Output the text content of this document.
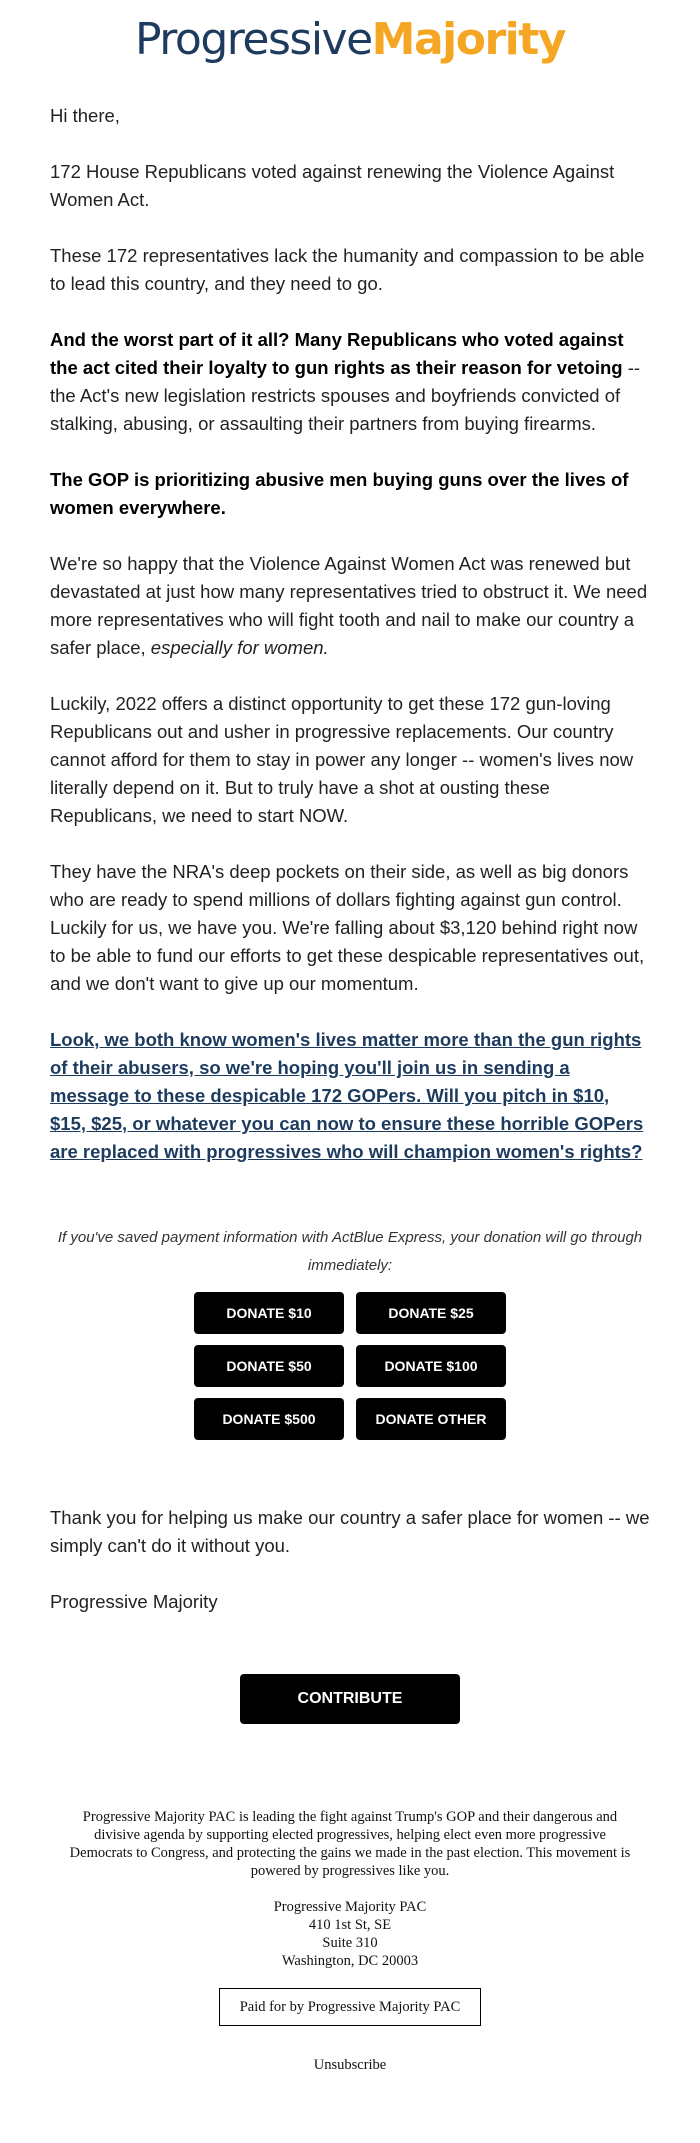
ProgressiveMajority

Hi there,

172 House Republicans voted against renewing the Violence Against Women Act.

These 172 representatives lack the humanity and compassion to be able to lead this country, and they need to go.

And the worst part of it all? Many Republicans who voted against the act cited their loyalty to gun rights as their reason for vetoing -- the Act's new legislation restricts spouses and boyfriends convicted of stalking, abusing, or assaulting their partners from buying firearms.

The GOP is prioritizing abusive men buying guns over the lives of women everywhere.

We're so happy that the Violence Against Women Act was renewed but devastated at just how many representatives tried to obstruct it. We need more representatives who will fight tooth and nail to make our country a safer place, especially for women.

Luckily, 2022 offers a distinct opportunity to get these 172 gun-loving Republicans out and usher in progressive replacements. Our country cannot afford for them to stay in power any longer -- women's lives now literally depend on it. But to truly have a shot at ousting these Republicans, we need to start NOW.

They have the NRA's deep pockets on their side, as well as big donors who are ready to spend millions of dollars fighting against gun control. Luckily for us, we have you. We're falling about $3,120 behind right now to be able to fund our efforts to get these despicable representatives out, and we don't want to give up our momentum.

Look, we both know women's lives matter more than the gun rights of their abusers, so we're hoping you'll join us in sending a message to these despicable 172 GOPers. Will you pitch in $10, $15, $25, or whatever you can now to ensure these horrible GOPers are replaced with progressives who will champion women's rights?

If you've saved payment information with ActBlue Express, your donation will go through immediately:
DONATE $10	DONATE $25
DONATE $50	DONATE $100
DONATE $500	DONATE OTHER

Thank you for helping us make our country a safer place for women -- we simply can't do it without you.

Progressive Majority

CONTRIBUTE

Progressive Majority PAC is leading the fight against Trump's GOP and their dangerous and divisive agenda by supporting elected progressives, helping elect even more progressive Democrats to Congress, and protecting the gains we made in the past election. This movement is powered by progressives like you.

Progressive Majority PAC
410 1st St, SE
Suite 310
Washington, DC 20003
Paid for by Progressive Majority PAC
Unsubscribe
